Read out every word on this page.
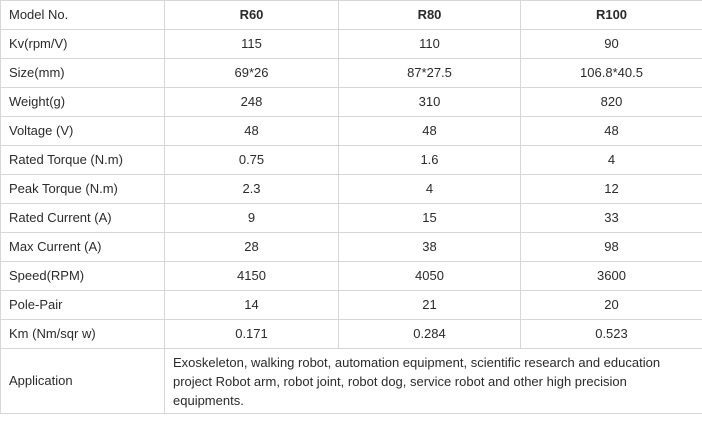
Model No.	R60	R80	R100
Kv(rpm/V)	115	110	90
Size(mm)	69*26	87*27.5	106.8*40.5
Weight(g)	248	310	820
Voltage (V)	48	48	48
Rated Torque (N.m)	0.75	1.6	4
Peak Torque (N.m)	2.3	4	12
Rated Current (A)	9	15	33
Max Current (A)	28	38	98
Speed(RPM)	4150	4050	3600
Pole-Pair	14	21	20
Km (Nm/sqr w)	0.171	0.284	0.523
Application	Exoskeleton, walking robot, automation equipment, scientific research and education project Robot arm, robot joint, robot dog, service robot and other high precision equipments.		
